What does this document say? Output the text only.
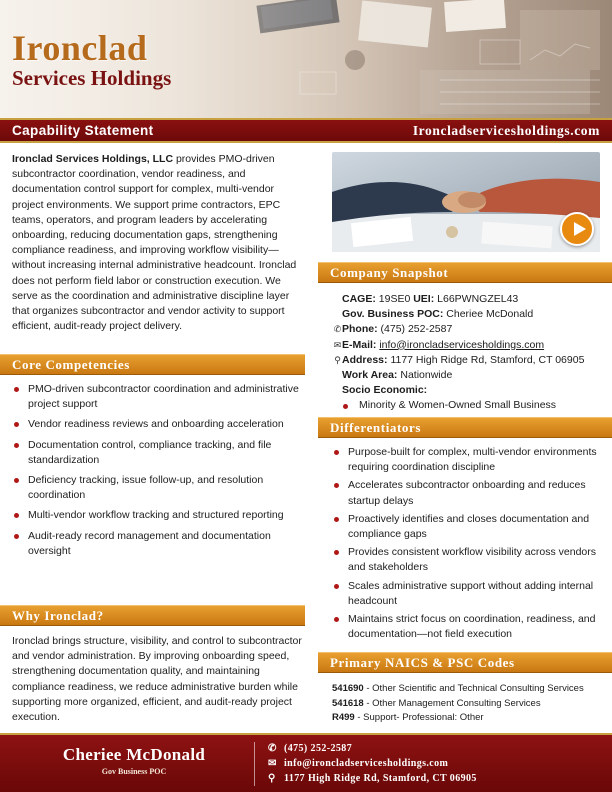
Ironclad
Services Holdings
Capability Statement	Ironcladservicesholdings.com
Ironclad Services Holdings, LLC provides PMO-driven subcontractor coordination, vendor readiness, and documentation control support for complex, multi-vendor project environments. We support prime contractors, EPC teams, operators, and program leaders by accelerating onboarding, reducing documentation gaps, strengthening compliance readiness, and improving workflow visibility—without increasing internal administrative headcount. Ironclad does not perform field labor or construction execution. We serve as the coordination and administrative discipline layer that organizes subcontractor and vendor activity to support efficient, audit-ready project delivery.
Core Competencies
PMO-driven subcontractor coordination and administrative project support
Vendor readiness reviews and onboarding acceleration
Documentation control, compliance tracking, and file standardization
Deficiency tracking, issue follow-up, and resolution coordination
Multi-vendor workflow tracking and structured reporting
Audit-ready record management and documentation oversight
Why Ironclad?
Ironclad brings structure, visibility, and control to subcontractor and vendor administration. By improving onboarding speed, strengthening documentation quality, and maintaining compliance readiness, we reduce administrative burden while supporting more organized, efficient, and audit-ready project execution.
Company Snapshot
CAGE:
19SE0
UEI:
L66PWNGZEL43
Gov. Business POC:
Cheriee McDonald
✆ Phone:
(475) 252-2587
✉ E-Mail:
info@ironcladservicesholdings.com
⚲ Address:
1177 High Ridge Rd, Stamford, CT 06905
Work Area:
Nationwide
Socio Economic:
Minority & Women-Owned Small Business
Differentiators
Purpose-built for complex, multi-vendor environments requiring coordination discipline
Accelerates subcontractor onboarding and reduces startup delays
Proactively identifies and closes documentation and compliance gaps
Provides consistent workflow visibility across vendors and stakeholders
Scales administrative support without adding internal headcount
Maintains strict focus on coordination, readiness, and documentation—not field execution
Primary NAICS & PSC Codes
541690 - Other Scientific and Technical Consulting Services
541618 - Other Management Consulting Services
R499 - Support- Professional: Other
Cheriee McDonald
Gov Business POC
✆ (475) 252-2587
✉ info@ironcladservicesholdings.com
⚲ 1177 High Ridge Rd, Stamford, CT 06905
